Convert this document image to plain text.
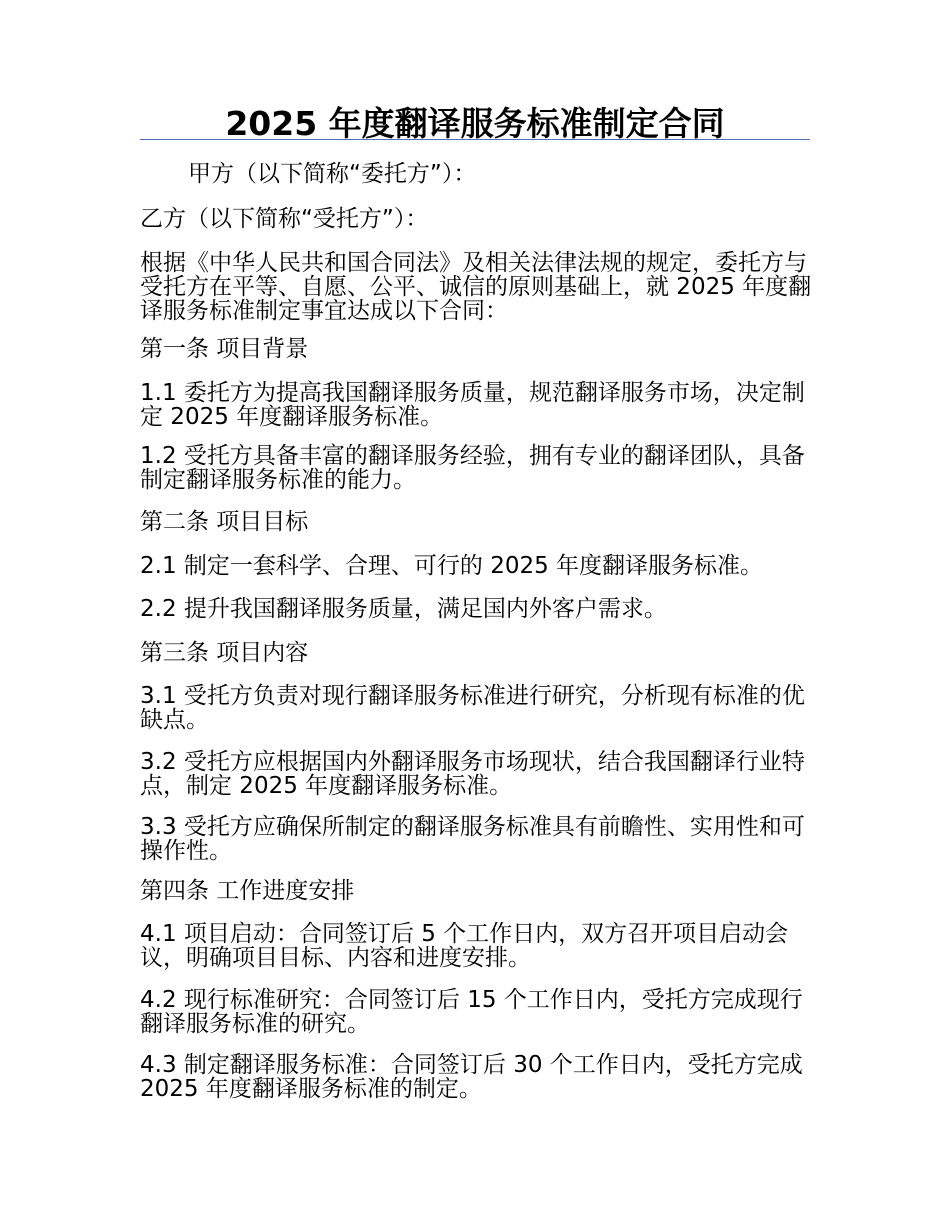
2025 年度翻译服务标准制定合同

甲方（以下简称“委托方”）：

乙方（以下简称“受托方”）：

根据《中华人民共和国合同法》及相关法律法规的规定，委托方与受托方在平等、自愿、公平、诚信的原则基础上，就 2025 年度翻译服务标准制定事宜达成以下合同：

第一条 项目背景

1.1 委托方为提高我国翻译服务质量，规范翻译服务市场，决定制定 2025 年度翻译服务标准。

1.2 受托方具备丰富的翻译服务经验，拥有专业的翻译团队，具备制定翻译服务标准的能力。

第二条 项目目标

2.1 制定一套科学、合理、可行的 2025 年度翻译服务标准。

2.2 提升我国翻译服务质量，满足国内外客户需求。

第三条 项目内容

3.1 受托方负责对现行翻译服务标准进行研究，分析现有标准的优缺点。

3.2 受托方应根据国内外翻译服务市场现状，结合我国翻译行业特点，制定 2025 年度翻译服务标准。

3.3 受托方应确保所制定的翻译服务标准具有前瞻性、实用性和可操作性。

第四条 工作进度安排

4.1 项目启动：合同签订后 5 个工作日内，双方召开项目启动会议，明确项目目标、内容和进度安排。

4.2 现行标准研究：合同签订后 15 个工作日内，受托方完成现行翻译服务标准的研究。

4.3 制定翻译服务标准：合同签订后 30 个工作日内，受托方完成 2025 年度翻译服务标准的制定。
